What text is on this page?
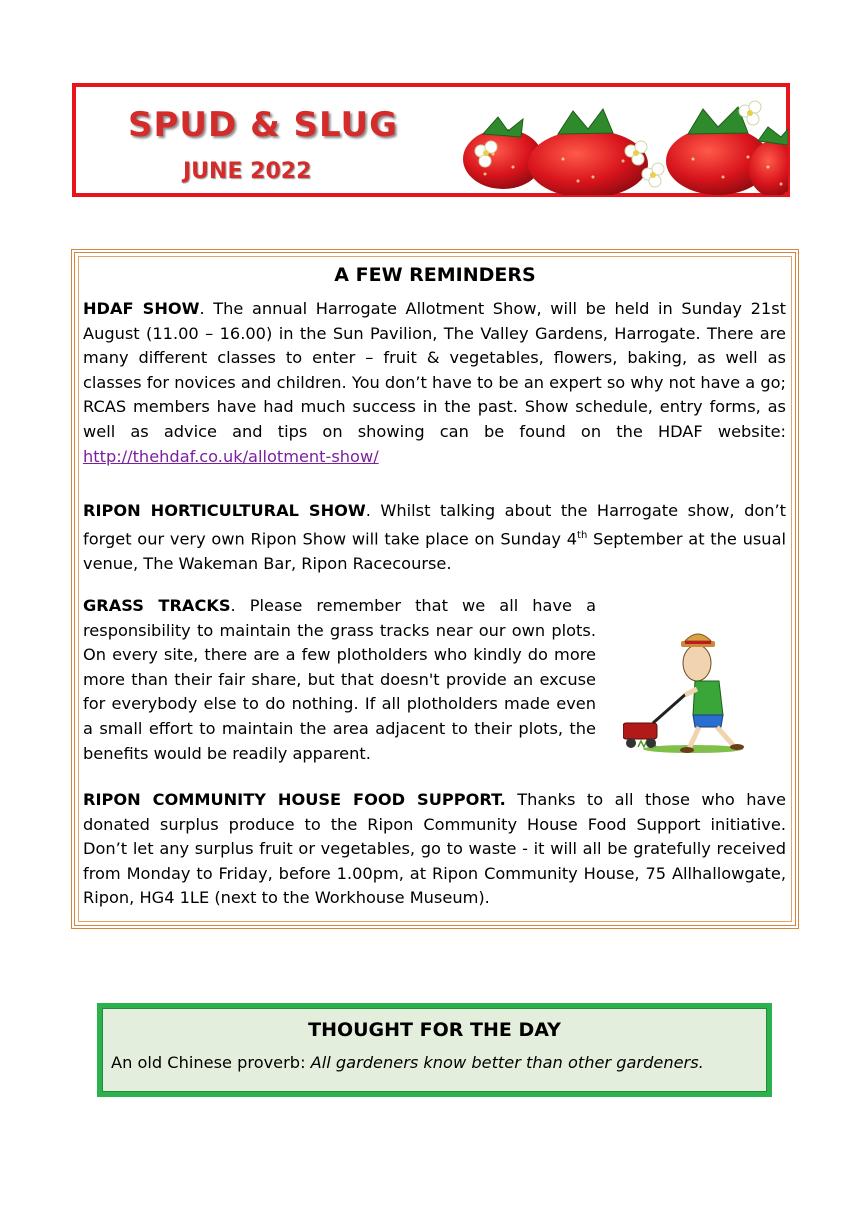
SPUD & SLUG
JUNE 2022
A FEW REMINDERS

HDAF SHOW. The annual Harrogate Allotment Show, will be held in Sunday 21st August (11.00 – 16.00) in the Sun Pavilion, The Valley Gardens, Harrogate. There are many different classes to enter – fruit & vegetables, flowers, baking, as well as classes for novices and children. You don’t have to be an expert so why not have a go; RCAS members have had much success in the past. Show schedule, entry forms, as well as advice and tips on showing can be found on the HDAF website: http://thehdaf.co.uk/allotment-show/

RIPON HORTICULTURAL SHOW. Whilst talking about the Harrogate show, don’t forget our very own Ripon Show will take place on Sunday 4th September at the usual venue, The Wakeman Bar, Ripon Racecourse.

GRASS TRACKS. Please remember that we all have a responsibility to maintain the grass tracks near our own plots. On every site, there are a few plotholders who kindly do more more than their fair share, but that doesn't provide an excuse for everybody else to do nothing. If all plotholders made even a small effort to maintain the area adjacent to their plots, the benefits would be readily apparent.

RIPON COMMUNITY HOUSE FOOD SUPPORT. Thanks to all those who have donated surplus produce to the Ripon Community House Food Support initiative. Don’t let any surplus fruit or vegetables, go to waste - it will all be gratefully received from Monday to Friday, before 1.00pm, at Ripon Community House, 75 Allhallowgate, Ripon, HG4 1LE (next to the Workhouse Museum).

THOUGHT FOR THE DAY

An old Chinese proverb: All gardeners know better than other gardeners.
